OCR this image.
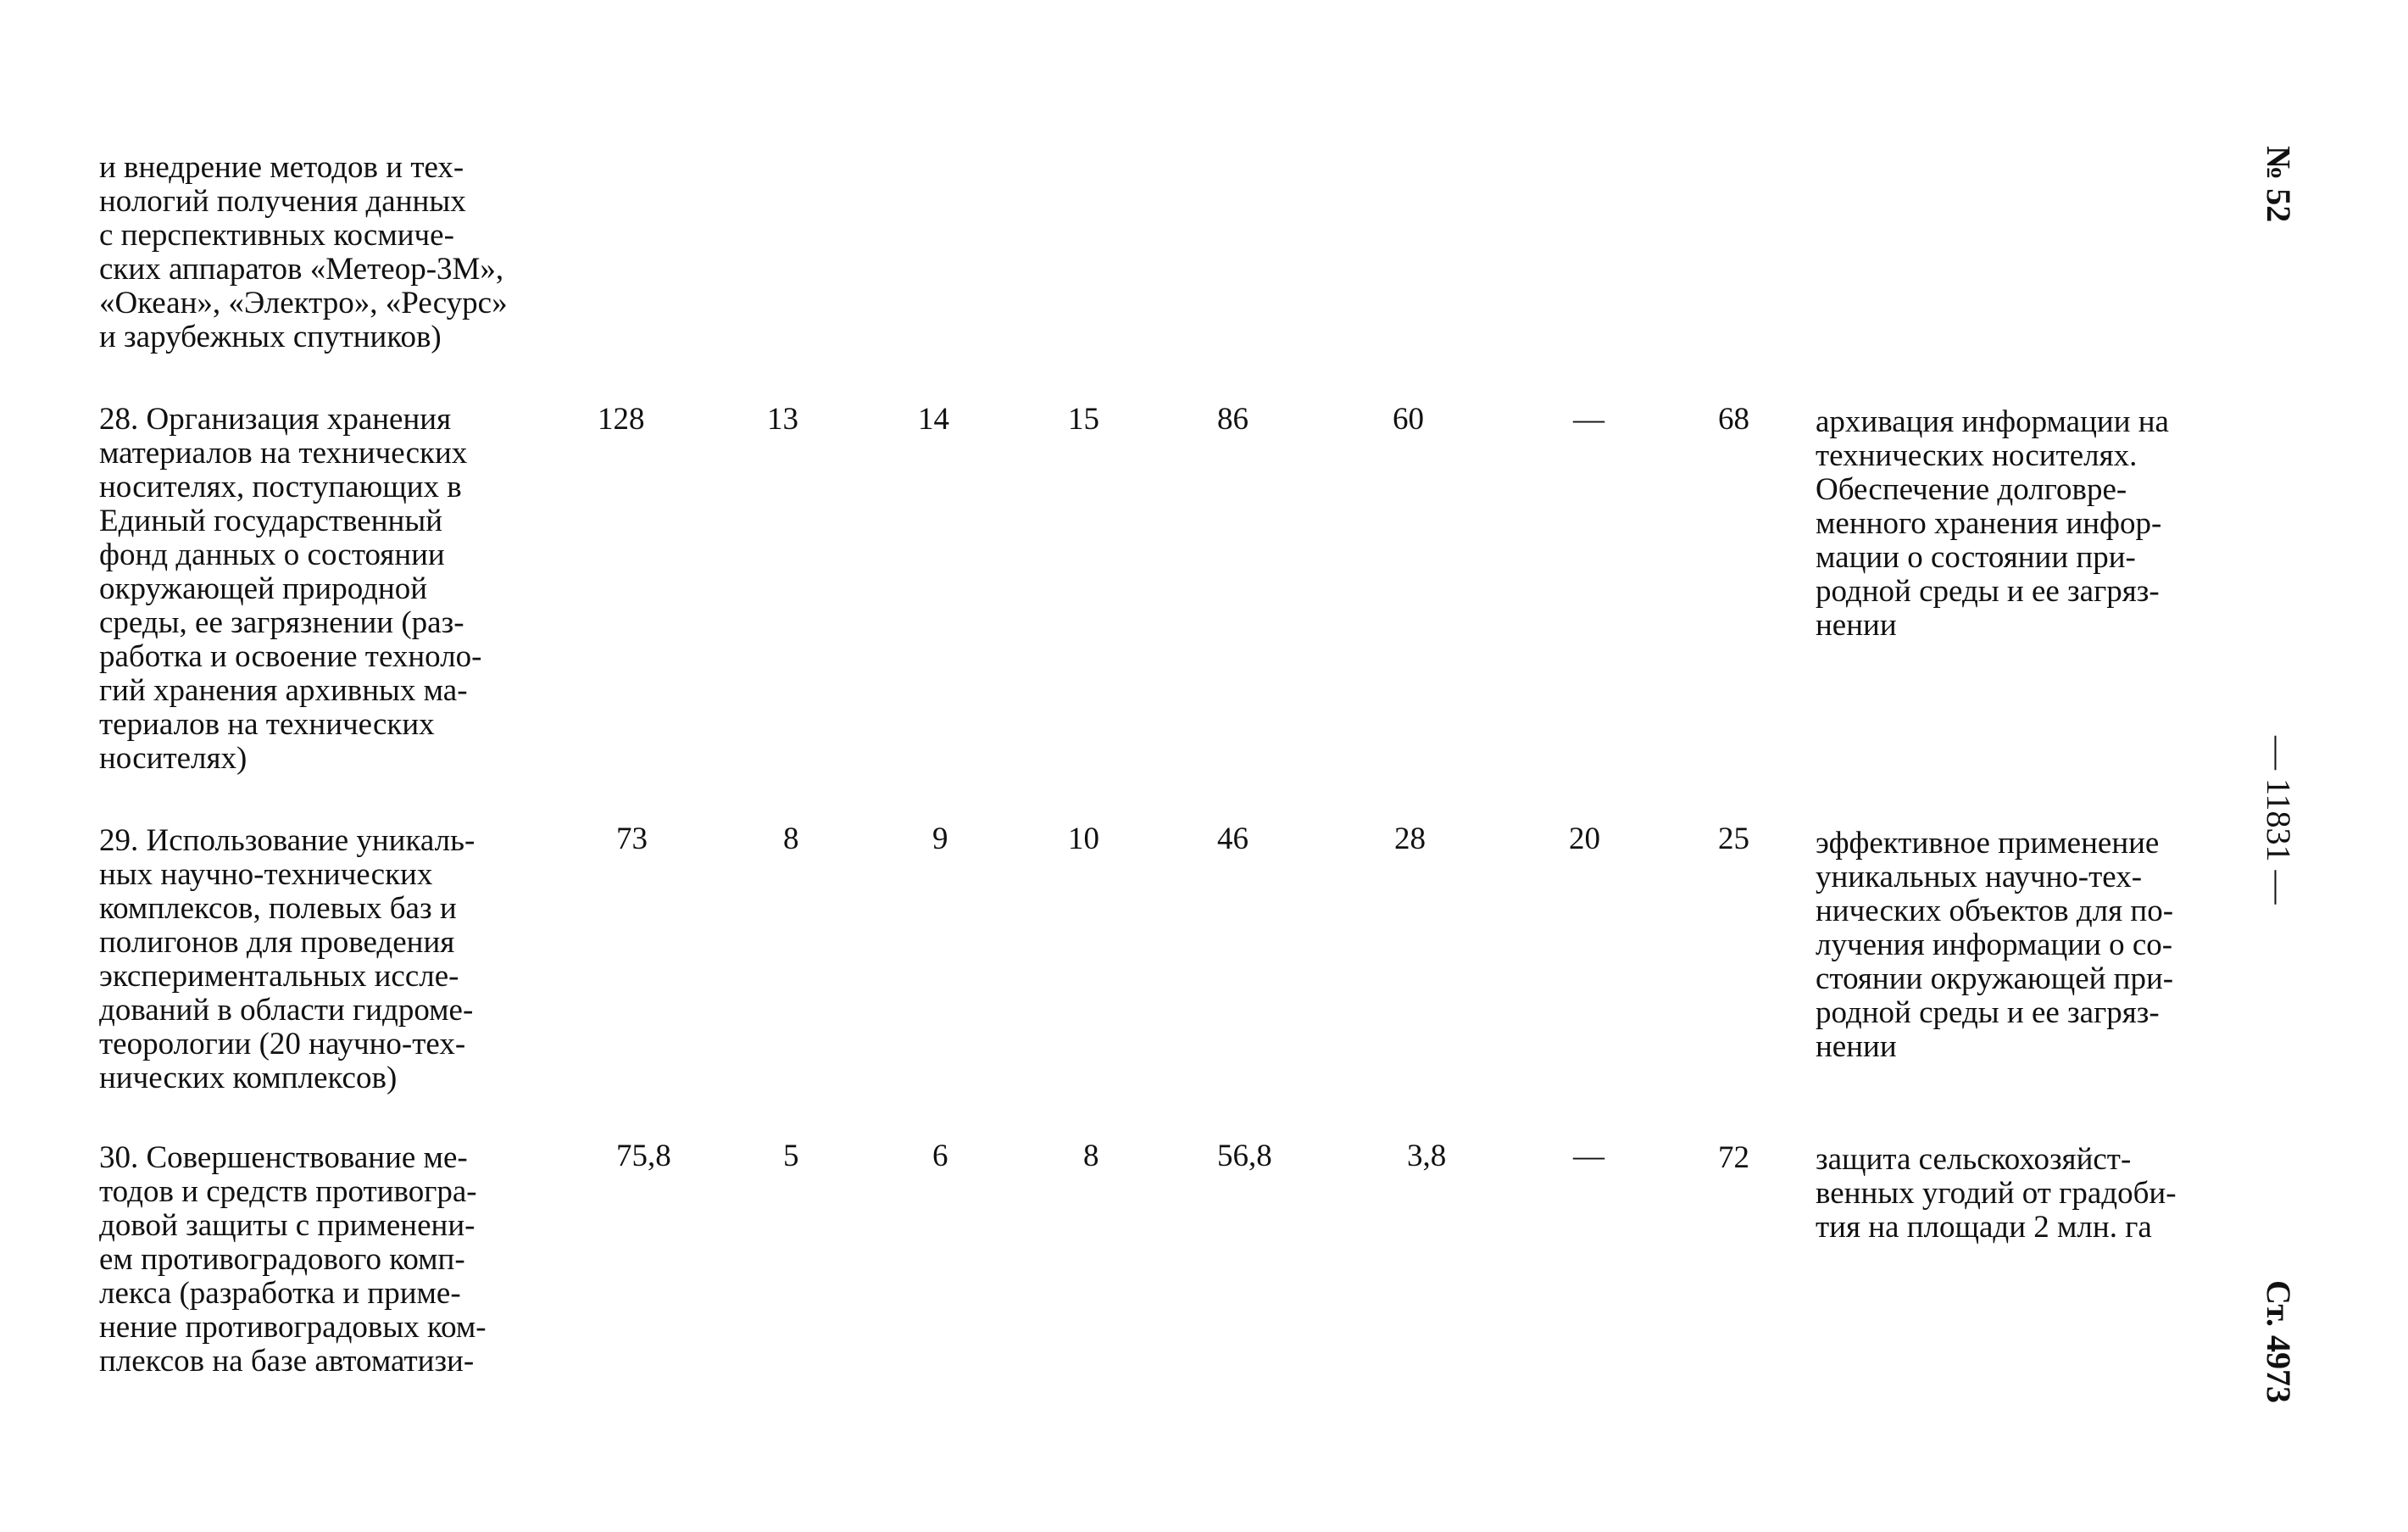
и внедрение методов и тех-
нологий получения данных
с перспективных космиче-
ских аппаратов «Метеор-3М»,
«Океан», «Электро», «Ресурс»
и зарубежных спутников)
28. Организация хранения
материалов на технических
носителях, поступающих в
Единый государственный
фонд данных о состоянии
окружающей природной
среды, ее загрязнении (раз-
работка и освоение техноло-
гий хранения архивных ма-
териалов на технических
носителях)
128	13	14	15	86	60	—	68 архивация информации на
технических носителях.
Обеспечение долговре-
менного хранения инфор-
мации о состоянии при-
родной среды и ее загряз-
нении
29. Использование уникаль-
ных научно-технических
комплексов, полевых баз и
полигонов для проведения
экспериментальных иссле-
дований в области гидроме-
теорологии (20 научно-тех-
нических комплексов)
73	8	9	10	46	28	20	25 эффективное применение
уникальных научно-тех-
нических объектов для по-
лучения информации о со-
стоянии окружающей при-
родной среды и ее загряз-
нении
30. Совершенствование ме-
тодов и средств противогра-
довой защиты с применени-
ем противоградового комп-
лекса (разработка и приме-
нение противоградовых ком-
плексов на базе автоматизи-
75,8	5	6	8	56,8	3,8	—	72 защита сельскохозяйст-
венных угодий от градоби-
тия на площади 2 млн. га
№ 52
— 11831 —
Ст. 4973
